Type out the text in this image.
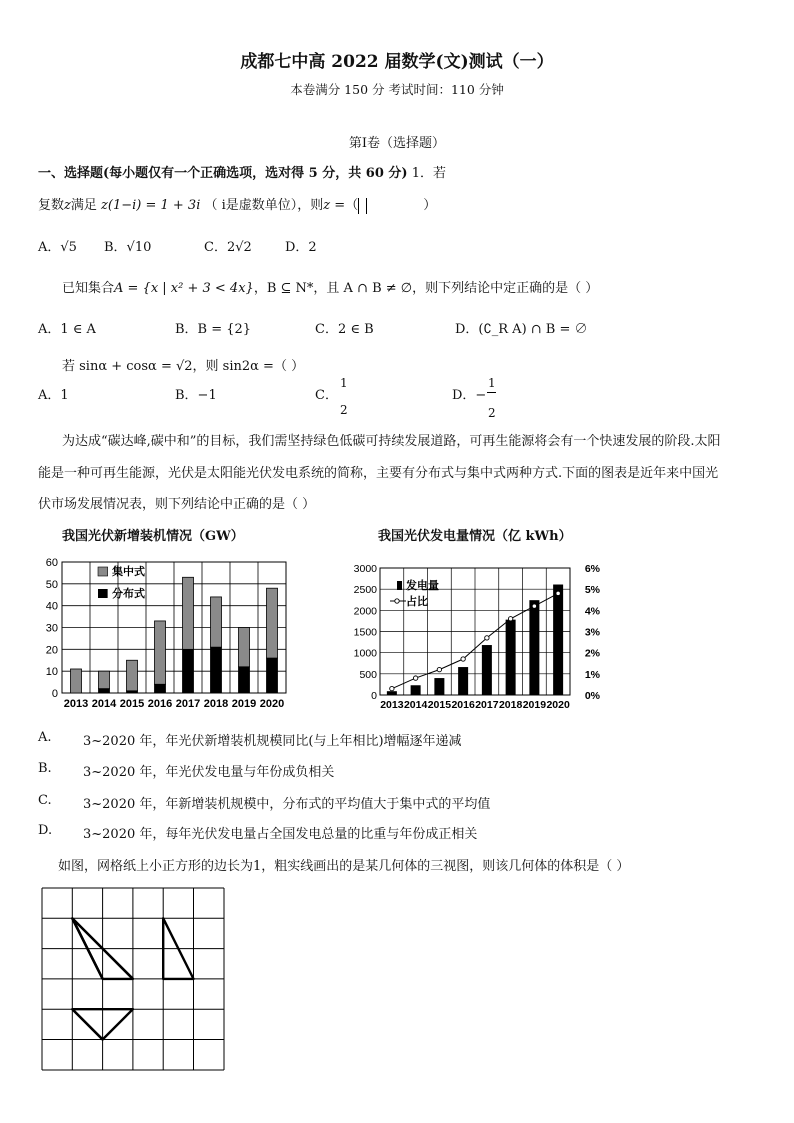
成都七中高 2022 届数学(文)测试（一）
本卷满分 150 分 考试时间：110 分钟
第Ⅰ卷（选择题）
一、选择题(每小题仅有一个正确选项，选对得 5 分，共 60 分) 1．若
复数z满足 z(1−i) = 1 + 3i （ i是虚数单位），则z =（	）
A．√5 B．√10	C．2√2	D．2
已知集合A = {x | x² + 3 < 4x}，B ⊆ N*，且 A ∩ B ≠ ∅，则下列结论中定正确的是（ ）
A．1 ∈ A	B．B = {2}	C．2 ∈ B	D．(∁_R A) ∩ B = ∅
若 sinα + cosα = √2，则 sin2α =（ ）
A．1	B．−1	C．
1
2
D．−
1
2
为达成“碳达峰,碳中和”的目标，我们需坚持绿色低碳可持续发展道路，可再生能源将会有一个快速发展的阶段.太阳
能是一种可再生能源，光伏是太阳能光伏发电系统的简称，主要有分布式与集中式两种方式.下面的图表是近年来中国光
伏市场发展情况表，则下列结论中正确的是（ ）
我国光伏新增装机情况（GW）
0
10
20
30
40
50
60
2013 2014 2015 2016 2017 2018 2019 2020
集中式
分布式
我国光伏发电量情况（亿 kWh）
0
500
1000
1500
2000
2500
3000
0%
1%
2%
3%
4%
5%
6%
2013 2014 2015 2016 2017 2018 2019 2020
发电量
占比
A. 3~2020 年，年光伏新增装机规模同比(与上年相比)增幅逐年递减
B. 3~2020 年，年光伏发电量与年份成负相关
C. 3~2020 年，年新增装机规模中，分布式的平均值大于集中式的平均值
D. 3~2020 年，每年光伏发电量占全国发电总量的比重与年份成正相关
如图，网格纸上小正方形的边长为1，粗实线画出的是某几何体的三视图，则该几何体的体积是（ ）
